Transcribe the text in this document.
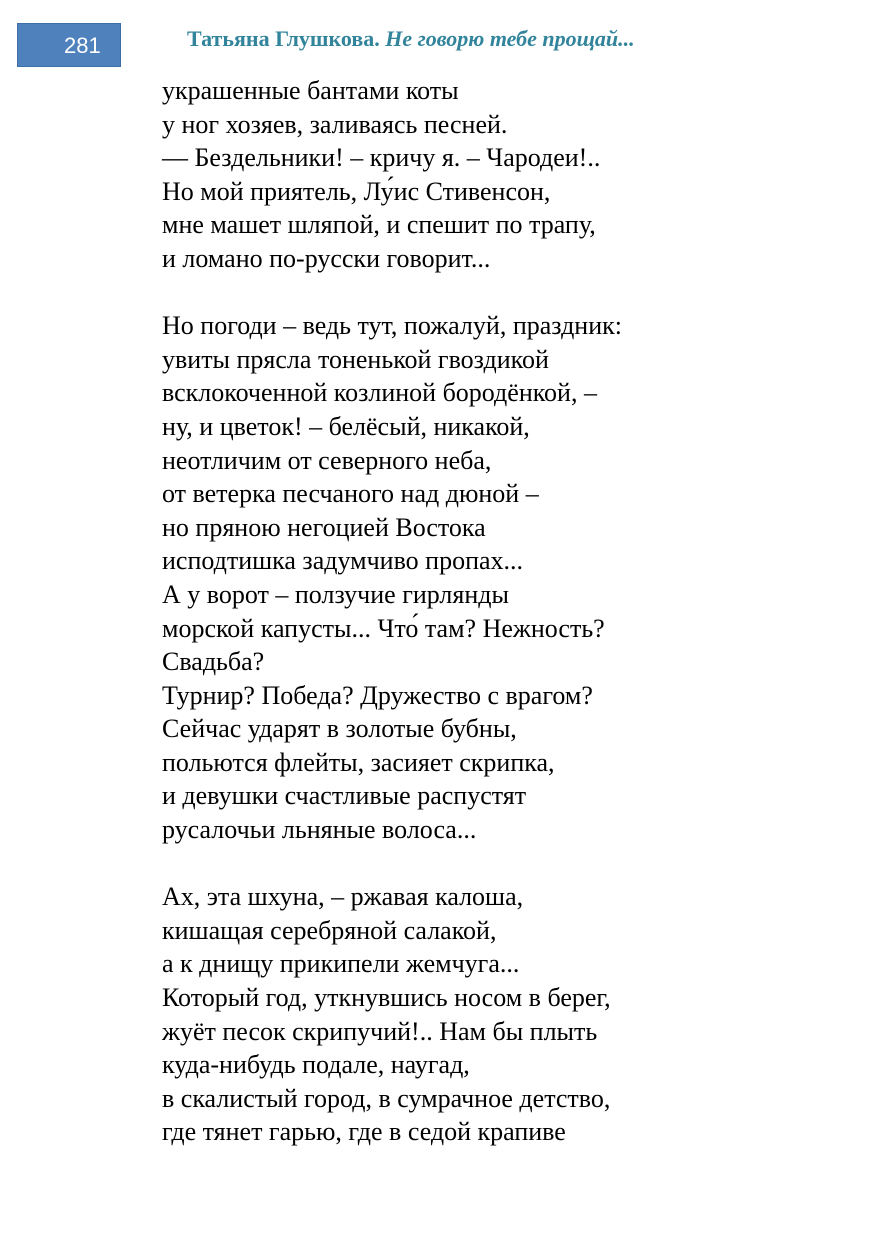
281	Татьяна Глушкова. Не говорю тебе прощай...
украшенные бантами коты
у ног хозяев, заливаясь песней.
— Бездельники! – кричу я. – Чародеи!..
Но мой приятель, Лу́ис Стивенсон,
мне машет шляпой, и спешит по трапу,
и ломано по-русски говорит...
Но погоди – ведь тут, пожалуй, праздник:
увиты прясла тоненькой гвоздикой
всклокоченной козлиной бородёнкой, –
ну, и цветок! – белёсый, никакой,
неотличим от северного неба,
от ветерка песчаного над дюной –
но пряною негоцией Востока
исподтишка задумчиво пропах...
А у ворот – ползучие гирлянды
морской капусты... Что́ там? Нежность?
Свадьба?
Турнир? Победа? Дружество с врагом?
Сейчас ударят в золотые бубны,
польются флейты, засияет скрипка,
и девушки счастливые распустят
русалочьи льняные волоса...
Ах, эта шхуна, – ржавая калоша,
кишащая серебряной салакой,
а к днищу прикипели жемчуга...
Который год, уткнувшись носом в берег,
жуёт песок скрипучий!.. Нам бы плыть
куда-нибудь подале, наугад,
в скалистый город, в сумрачное детство,
где тянет гарью, где в седой крапиве
